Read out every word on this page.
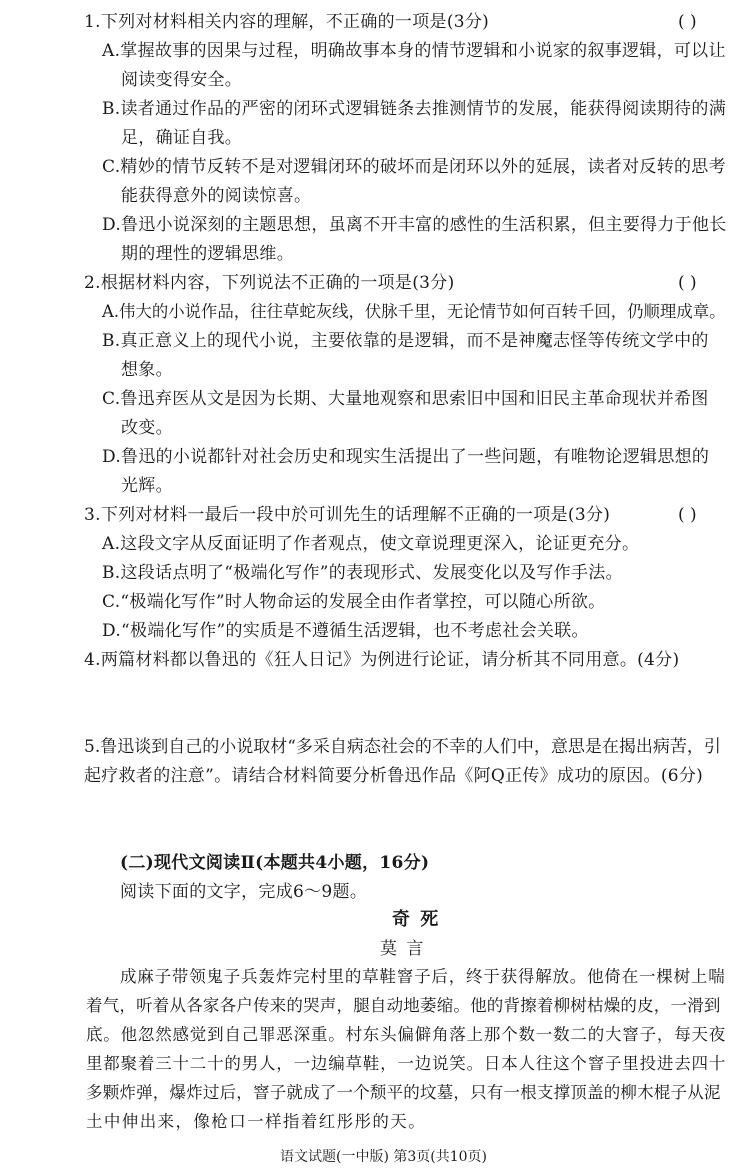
1.下列对材料相关内容的理解，不正确的一项是(3分)	( )
A.掌握故事的因果与过程，明确故事本身的情节逻辑和小说家的叙事逻辑，可以让
阅读变得安全。
B.读者通过作品的严密的闭环式逻辑链条去推测情节的发展，能获得阅读期待的满
足，确证自我。
C.精妙的情节反转不是对逻辑闭环的破坏而是闭环以外的延展，读者对反转的思考
能获得意外的阅读惊喜。
D.鲁迅小说深刻的主题思想，虽离不开丰富的感性的生活积累，但主要得力于他长
期的理性的逻辑思维。
2.根据材料内容，下列说法不正确的一项是(3分)	( )
A.伟大的小说作品，往往草蛇灰线，伏脉千里，无论情节如何百转千回，仍顺理成章。
B.真正意义上的现代小说，主要依靠的是逻辑，而不是神魔志怪等传统文学中的
想象。
C.鲁迅弃医从文是因为长期、大量地观察和思索旧中国和旧民主革命现状并希图
改变。
D.鲁迅的小说都针对社会历史和现实生活提出了一些问题，有唯物论逻辑思想的
光辉。
3.下列对材料一最后一段中於可训先生的话理解不正确的一项是(3分)	( )
A.这段文字从反面证明了作者观点，使文章说理更深入，论证更充分。
B.这段话点明了“极端化写作”的表现形式、发展变化以及写作手法。
C.“极端化写作”时人物命运的发展全由作者掌控，可以随心所欲。
D.“极端化写作”的实质是不遵循生活逻辑，也不考虑社会关联。
4.两篇材料都以鲁迅的《狂人日记》为例进行论证，请分析其不同用意。(4分)
5.鲁迅谈到自己的小说取材“多采自病态社会的不幸的人们中，意思是在揭出病苦，引
起疗救者的注意”。请结合材料简要分析鲁迅作品《阿Q正传》成功的原因。(6分)
(二)现代文阅读Ⅱ(本题共4小题，16分)
阅读下面的文字，完成6～9题。
奇 死
莫 言
成麻子带领鬼子兵轰炸完村里的草鞋窨子后，终于获得解放。他倚在一棵树上喘
着气，听着从各家各户传来的哭声，腿自动地萎缩。他的背擦着柳树枯燥的皮，一滑到
底。他忽然感觉到自己罪恶深重。村东头偏僻角落上那个数一数二的大窨子，每天夜
里都聚着三十二十的男人，一边编草鞋，一边说笑。日本人往这个窨子里投进去四十
多颗炸弹，爆炸过后，窨子就成了一个颓平的坟墓，只有一根支撑顶盖的柳木棍子从泥
土中伸出来，像枪口一样指着红彤彤的天。
语文试题(一中版) 第3页(共10页)
